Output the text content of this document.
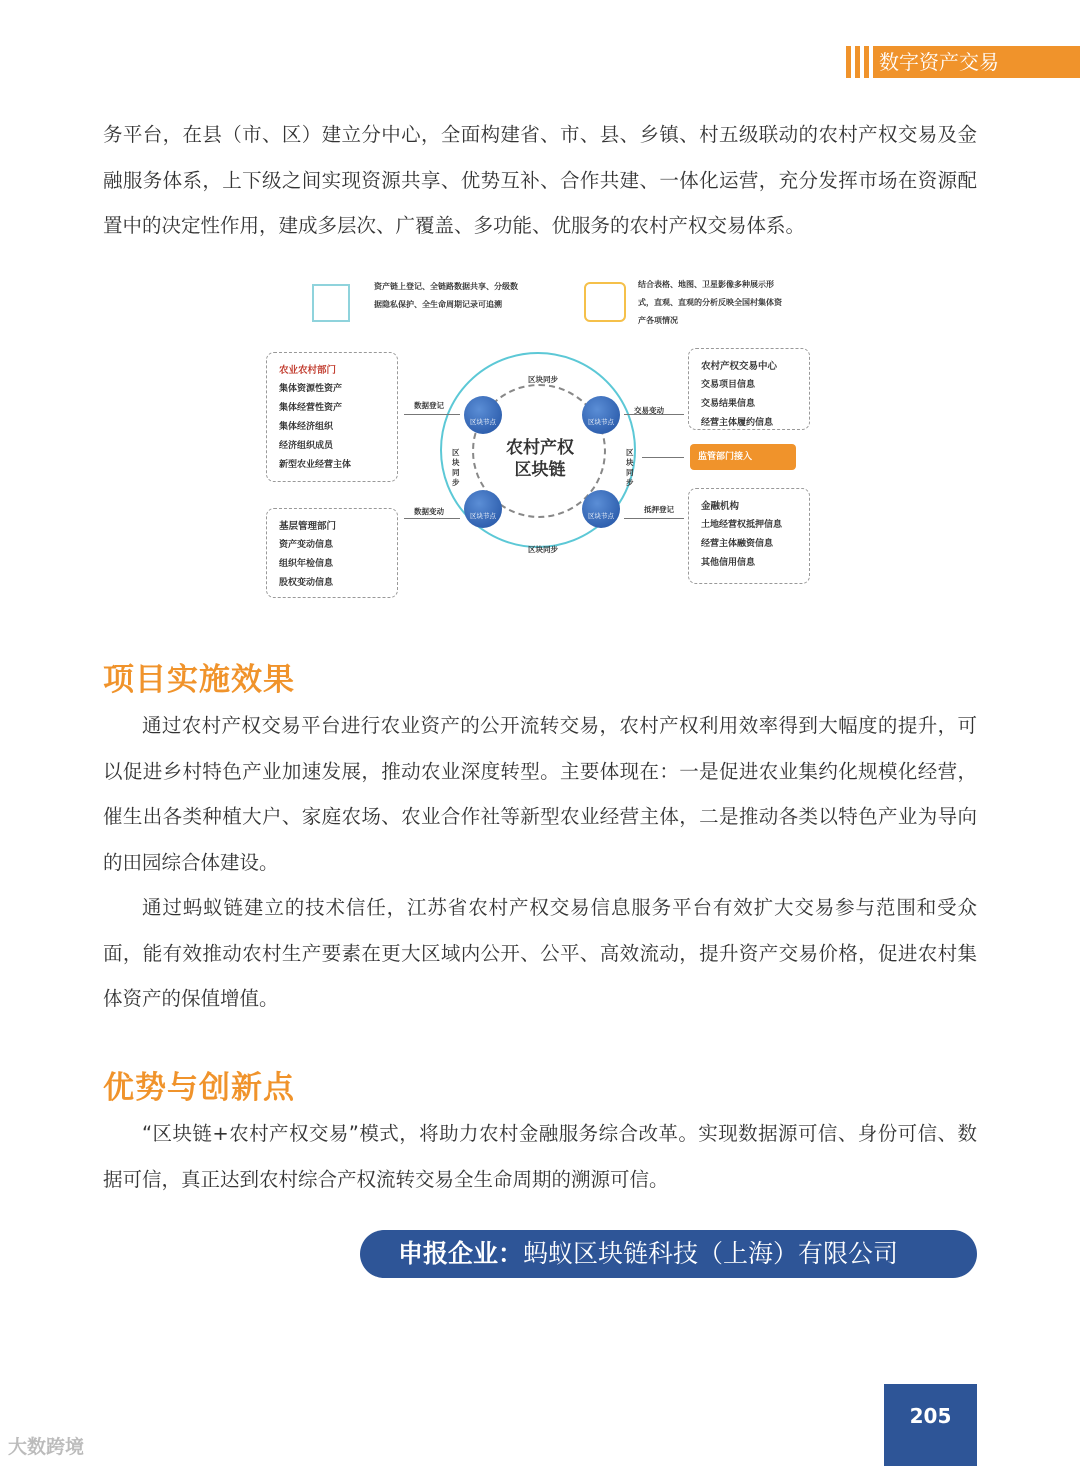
数字资产交易

务平台，在县（市、区）建立分中心，全面构建省、市、县、乡镇、村五级联动的农村产权交易及金融服务体系，上下级之间实现资源共享、优势互补、合作共建、一体化运营，充分发挥市场在资源配置中的决定性作用，建成多层次、广覆盖、多功能、优服务的农村产权交易体系。

资产链上登记、全链路数据共享、分级数据隐私保护、全生命周期记录可追溯
结合表格、地图、卫星影像多种展示形式，直观、直观的分析反映全国村集体资产各项情况
农业农村部门
集体资源性资产
集体经营性资产
集体经济组织
经济组织成员
新型农业经营主体
基层管理部门
资产变动信息
组织年检信息
股权变动信息
农村产权交易中心
交易项目信息
交易结果信息
经营主体履约信息
监管部门接入
金融机构
土地经营权抵押信息
经营主体融资信息
其他信用信息
农村产权
区块链
区块节点	区块节点
区块节点	区块节点
区块同步
区块同步
区块同步
区块同步
数据登记
交易变动
数据变动	抵押登记
项目实施效果

通过农村产权交易平台进行农业资产的公开流转交易，农村产权利用效率得到大幅度的提升，可以促进乡村特色产业加速发展，推动农业深度转型。主要体现在：一是促进农业集约化规模化经营，催生出各类种植大户、家庭农场、农业合作社等新型农业经营主体，二是推动各类以特色产业为导向的田园综合体建设。

通过蚂蚁链建立的技术信任，江苏省农村产权交易信息服务平台有效扩大交易参与范围和受众面，能有效推动农村生产要素在更大区域内公开、公平、高效流动，提升资产交易价格，促进农村集体资产的保值增值。

优势与创新点

“区块链+农村产权交易”模式，将助力农村金融服务综合改革。实现数据源可信、身份可信、数据可信，真正达到农村综合产权流转交易全生命周期的溯源可信。

申报企业：蚂蚁区块链科技（上海）有限公司
205
大数跨境
